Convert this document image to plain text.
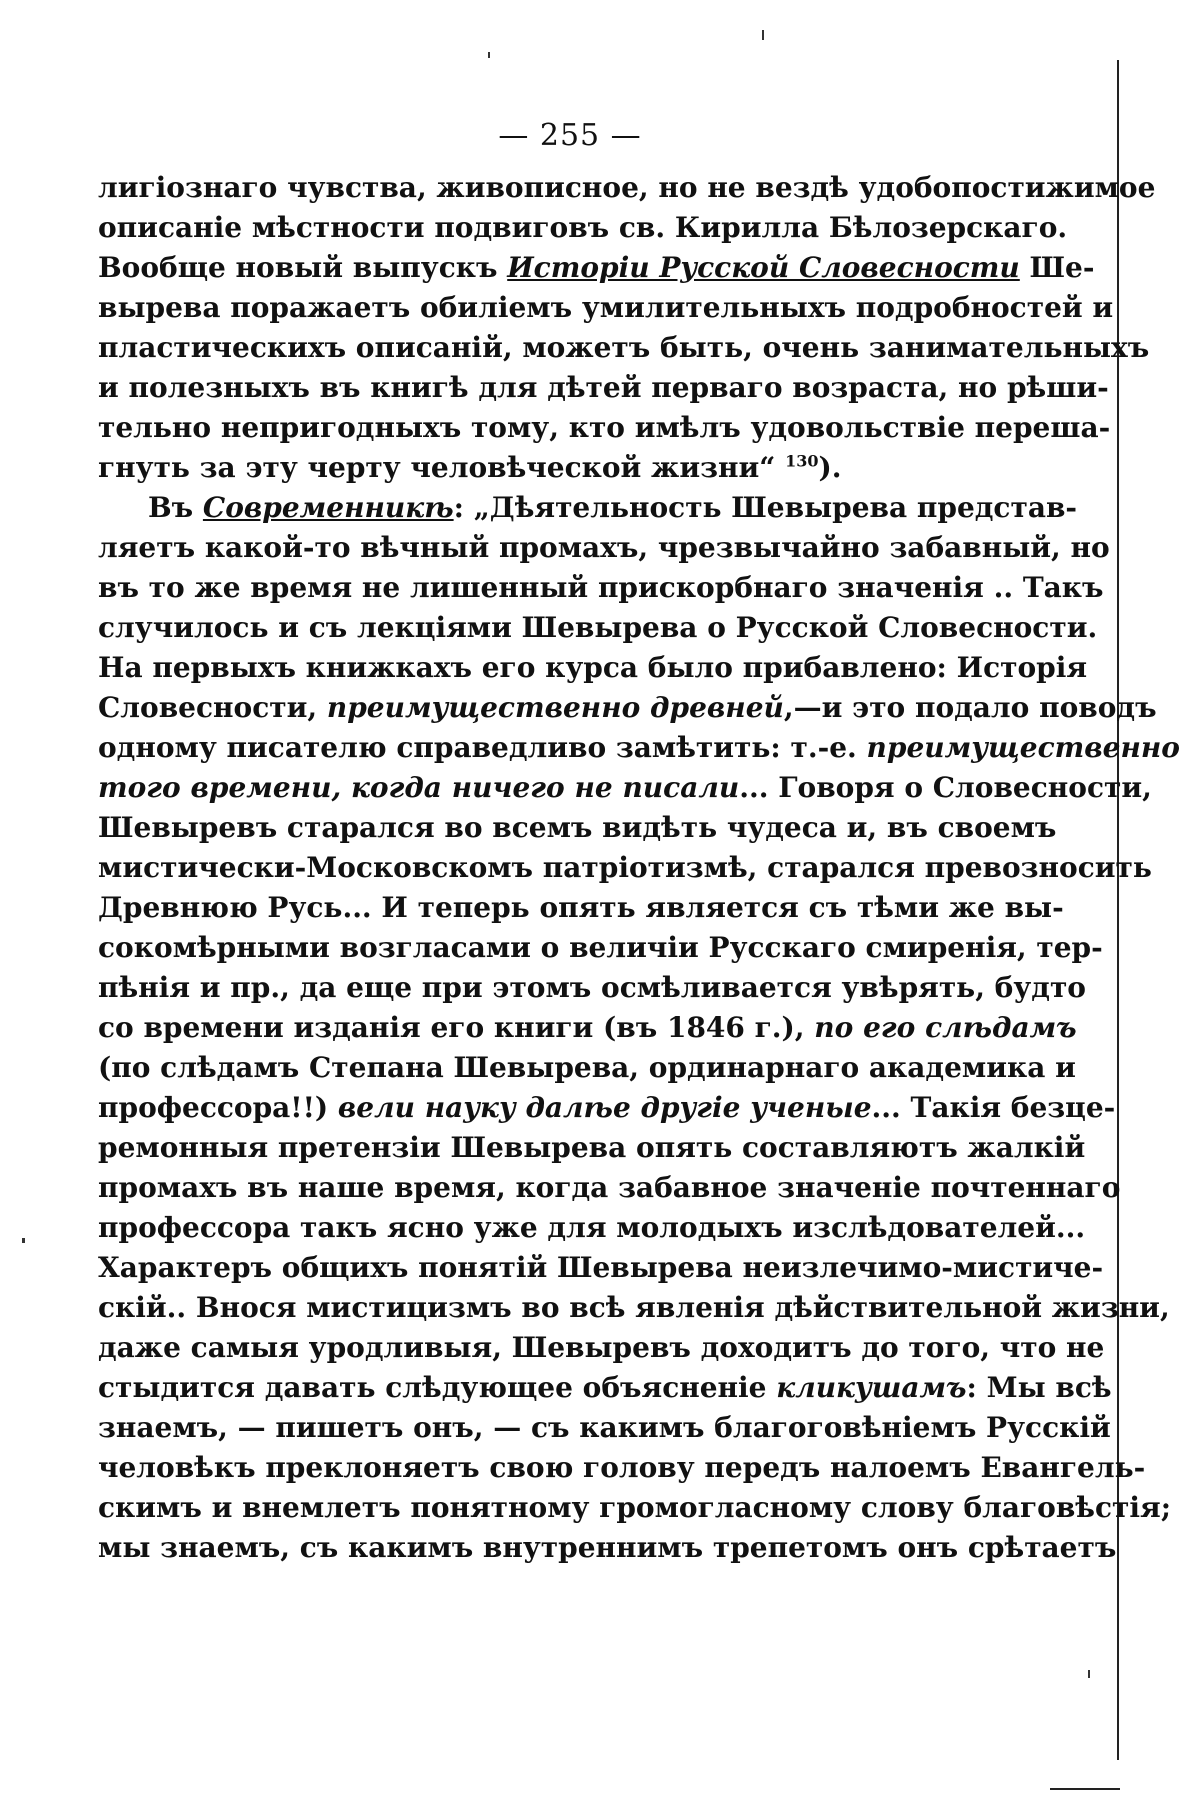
— 255 —
лигіознаго чувства, живописное, но не вездѣ удобопостижимое
описаніе мѣстности подвиговъ св. Кирилла Бѣлозерскаго.
Вообще новый выпускъ Исторіи Русской Словесности Ше-
вырева поражаетъ обиліемъ умилительныхъ подробностей и
пластическихъ описаній, можетъ быть, очень занимательныхъ
и полезныхъ въ книгѣ для дѣтей перваго возраста, но рѣши-
тельно непригодныхъ тому, кто имѣлъ удовольствіе переша-
гнуть за эту черту человѣческой жизни“ $^{130}$).
Въ Современникѣ: „Дѣятельность Шевырева представ-
ляетъ какой-то вѣчный промахъ, чрезвычайно забавный, но
въ то же время не лишенный прискорбнаго значенія .. Такъ
случилось и съ лекціями Шевырева о Русской Словесности.
На первыхъ книжкахъ его курса было прибавлено: Исторія
Словесности, преимущественно древней,—и это подало поводъ
одному писателю справедливо замѣтить: т.-е. преимущественно
того времени, когда ничего не писали... Говоря о Словесности,
Шевыревъ старался во всемъ видѣть чудеса и, въ своемъ
мистически-Московскомъ патріотизмѣ, старался превозносить
Древнюю Русь... И теперь опять является съ тѣми же вы-
сокомѣрными возгласами о величіи Русскаго смиренія, тер-
пѣнія и пр., да еще при этомъ осмѣливается увѣрять, будто
со времени изданія его книги (въ 1846 г.), по его слѣдамъ
(по слѣдамъ Степана Шевырева, ординарнаго академика и
профессора!!) вели науку далѣе другіе ученые... Такія безце-
ремонныя претензіи Шевырева опять составляютъ жалкій
промахъ въ наше время, когда забавное значеніе почтеннаго
профессора такъ ясно уже для молодыхъ изслѣдователей...
Характеръ общихъ понятій Шевырева неизлечимо-мистиче-
скій.. Внося мистицизмъ во всѣ явленія дѣйствительной жизни,
даже самыя уродливыя, Шевыревъ доходитъ до того, что не
стыдится давать слѣдующее объясненіе кликушамъ: Мы всѣ
знаемъ, — пишетъ онъ, — съ какимъ благоговѣніемъ Русскій
человѣкъ преклоняетъ свою голову передъ налоемъ Евангель-
скимъ и внемлетъ понятному громогласному слову благовѣстія;
мы знаемъ, съ какимъ внутреннимъ трепетомъ онъ срѣтаетъ
